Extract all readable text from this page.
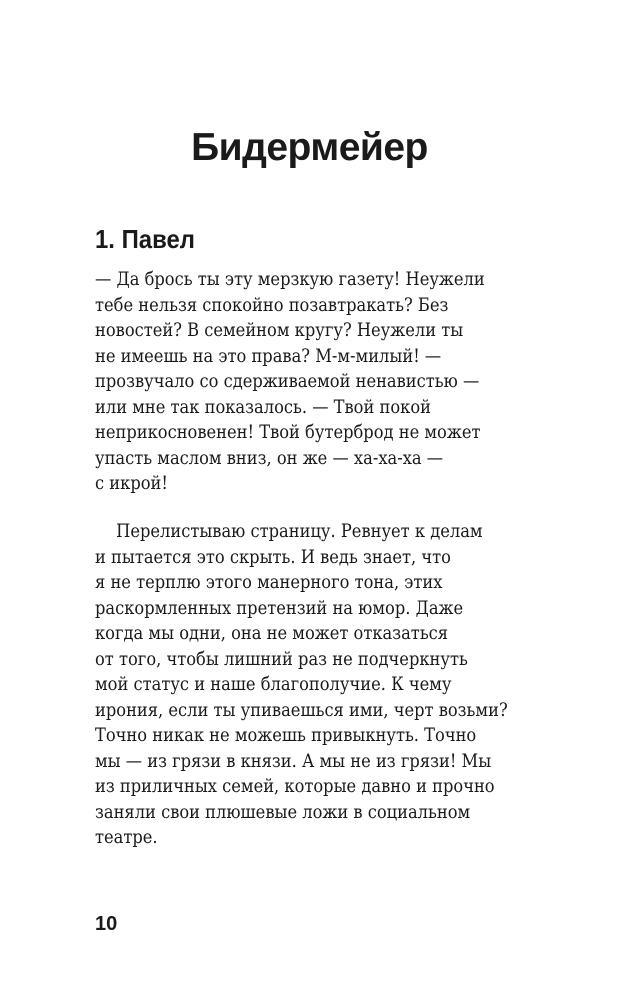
Бидермейер
1. Павел
— Да брось ты эту мерзкую газету! Неужели
тебе нельзя спокойно позавтракать? Без
новостей? В семейном кругу? Неужели ты
не имеешь на это права? М-м-милый! —
прозвучало со сдерживаемой ненавистью —
или мне так показалось. — Твой покой
неприкосновенен! Твой бутерброд не может
упасть маслом вниз, он же — ха-ха-ха —
с икрой!
Перелистываю страницу. Ревнует к делам
и пытается это скрыть. И ведь знает, что
я не терплю этого манерного тона, этих
раскормленных претензий на юмор. Даже
когда мы одни, она не может отказаться
от того, чтобы лишний раз не подчеркнуть
мой статус и наше благополучие. К чему
ирония, если ты упиваешься ими, черт возьми?
Точно никак не можешь привыкнуть. Точно
мы — из грязи в князи. А мы не из грязи! Мы
из приличных семей, которые давно и прочно
заняли свои плюшевые ложи в социальном
театре.
10
